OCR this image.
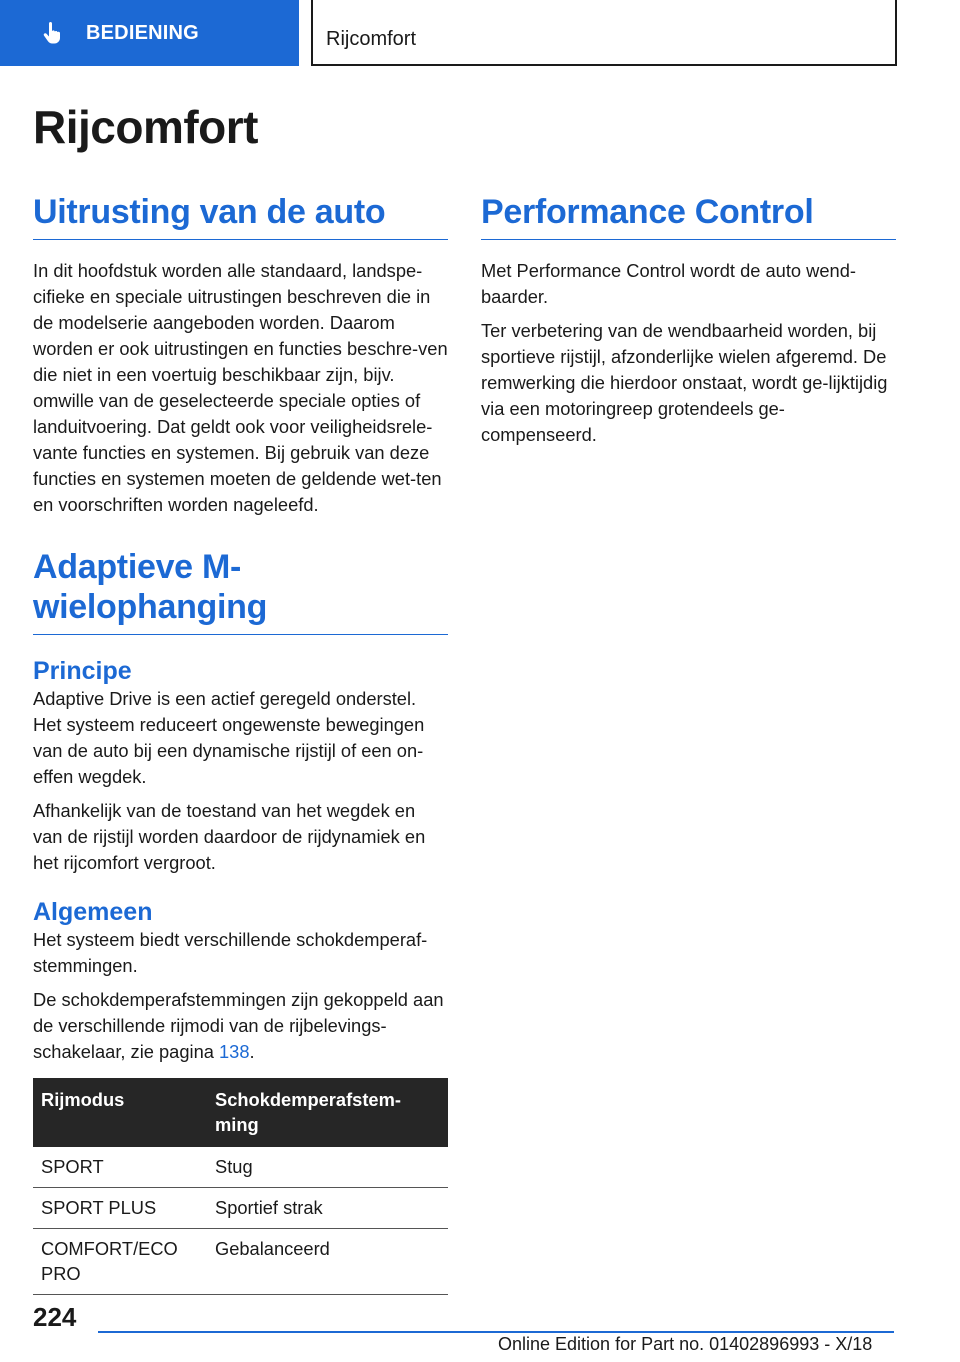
BEDIENING	Rijcomfort
Rijcomfort
Uitrusting van de auto

In dit hoofdstuk worden alle standaard, landspe-cifieke en speciale uitrustingen beschreven die in de modelserie aangeboden worden. Daarom worden er ook uitrustingen en functies beschre-ven die niet in een voertuig beschikbaar zijn, bijv. omwille van de geselecteerde speciale opties of landuitvoering. Dat geldt ook voor veiligheidsrele-vante functies en systemen. Bij gebruik van deze functies en systemen moeten de geldende wet-ten en voorschriften worden nageleefd.

Adaptieve M-
wielophanging
Principe

Adaptive Drive is een actief geregeld onderstel. Het systeem reduceert ongewenste bewegingen van de auto bij een dynamische rijstijl of een on-effen wegdek.

Afhankelijk van de toestand van het wegdek en van de rijstijl worden daardoor de rijdynamiek en het rijcomfort vergroot.

Algemeen

Het systeem biedt verschillende schokdemperaf-stemmingen.

De schokdemperafstemmingen zijn gekoppeld aan de verschillende rijmodi van de rijbelevings-schakelaar, zie pagina 138.

Rijmodus	Schokdemperafstem-ming
SPORT	Stug
SPORT PLUS	Sportief strak
COMFORT/ECO PRO	Gebalanceerd
Performance Control

Met Performance Control wordt de auto wend-baarder.

Ter verbetering van de wendbaarheid worden, bij sportieve rijstijl, afzonderlijke wielen afgeremd. De remwerking die hierdoor onstaat, wordt ge-lijktijdig via een motoringreep grotendeels ge-compenseerd.

224
Online Edition for Part no. 01402896993 - X/18
